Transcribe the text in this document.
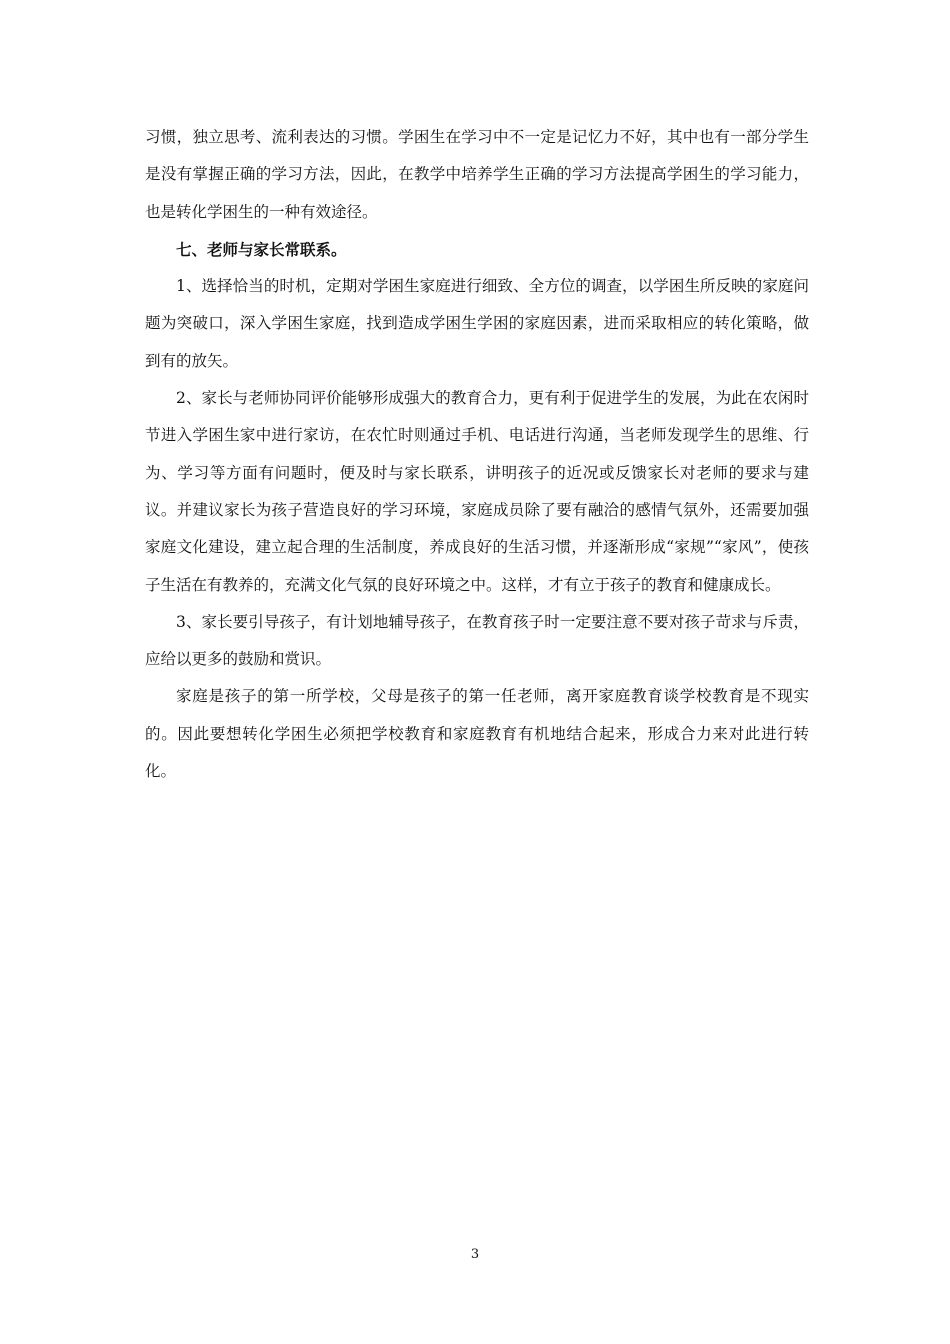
习惯，独立思考、流利表达的习惯。学困生在学习中不一定是记忆力不好，其中也有一部分学生是没有掌握正确的学习方法，因此，在教学中培养学生正确的学习方法提高学困生的学习能力，也是转化学困生的一种有效途径。

七、老师与家长常联系。

1、选择恰当的时机，定期对学困生家庭进行细致、全方位的调查，以学困生所反映的家庭问题为突破口，深入学困生家庭，找到造成学困生学困的家庭因素，进而采取相应的转化策略，做到有的放矢。

2、家长与老师协同评价能够形成强大的教育合力，更有利于促进学生的发展，为此在农闲时节进入学困生家中进行家访，在农忙时则通过手机、电话进行沟通，当老师发现学生的思维、行为、学习等方面有问题时，便及时与家长联系，讲明孩子的近况或反馈家长对老师的要求与建议。并建议家长为孩子营造良好的学习环境，家庭成员除了要有融洽的感情气氛外，还需要加强家庭文化建设，建立起合理的生活制度，养成良好的生活习惯，并逐渐形成“家规”“家风”，使孩子生活在有教养的，充满文化气氛的良好环境之中。这样，才有立于孩子的教育和健康成长。

3、家长要引导孩子，有计划地辅导孩子，在教育孩子时一定要注意不要对孩子苛求与斥责，应给以更多的鼓励和赏识。

家庭是孩子的第一所学校，父母是孩子的第一任老师，离开家庭教育谈学校教育是不现实的。因此要想转化学困生必须把学校教育和家庭教育有机地结合起来，形成合力来对此进行转化。

3
